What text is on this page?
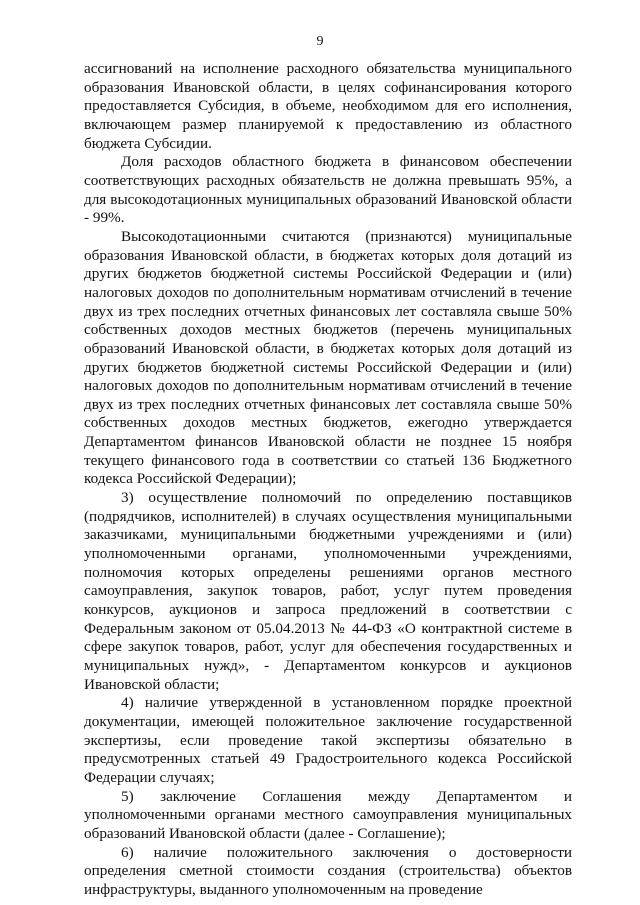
9

ассигнований на исполнение расходного обязательства муниципального образования Ивановской области, в целях софинансирования которого предоставляется Субсидия, в объеме, необходимом для его исполнения, включающем размер планируемой к предоставлению из областного бюджета Субсидии.

Доля расходов областного бюджета в финансовом обеспечении соответствующих расходных обязательств не должна превышать 95%, а для высокодотационных муниципальных образований Ивановской области - 99%.

Высокодотационными считаются (признаются) муниципальные образования Ивановской области, в бюджетах которых доля дотаций из других бюджетов бюджетной системы Российской Федерации и (или) налоговых доходов по дополнительным нормативам отчислений в течение двух из трех последних отчетных финансовых лет составляла свыше 50% собственных доходов местных бюджетов (перечень муниципальных образований Ивановской области, в бюджетах которых доля дотаций из других бюджетов бюджетной системы Российской Федерации и (или) налоговых доходов по дополнительным нормативам отчислений в течение двух из трех последних отчетных финансовых лет составляла свыше 50% собственных доходов местных бюджетов, ежегодно утверждается Департаментом финансов Ивановской области не позднее 15 ноября текущего финансового года в соответствии со статьей 136 Бюджетного кодекса Российской Федерации);

3) осуществление полномочий по определению поставщиков (подрядчиков, исполнителей) в случаях осуществления муниципальными заказчиками, муниципальными бюджетными учреждениями и (или) уполномоченными органами, уполномоченными учреждениями, полномочия которых определены решениями органов местного самоуправления, закупок товаров, работ, услуг путем проведения конкурсов, аукционов и запроса предложений в соответствии с Федеральным законом от 05.04.2013 № 44-ФЗ «О контрактной системе в сфере закупок товаров, работ, услуг для обеспечения государственных и муниципальных нужд», - Департаментом конкурсов и аукционов Ивановской области;

4) наличие утвержденной в установленном порядке проектной документации, имеющей положительное заключение государственной экспертизы, если проведение такой экспертизы обязательно в предусмотренных статьей 49 Градостроительного кодекса Российской Федерации случаях;

5) заключение Соглашения между Департаментом и уполномоченными органами местного самоуправления муниципальных образований Ивановской области (далее - Соглашение);

6) наличие положительного заключения о достоверности определения сметной стоимости создания (строительства) объектов инфраструктуры, выданного уполномоченным на проведение
